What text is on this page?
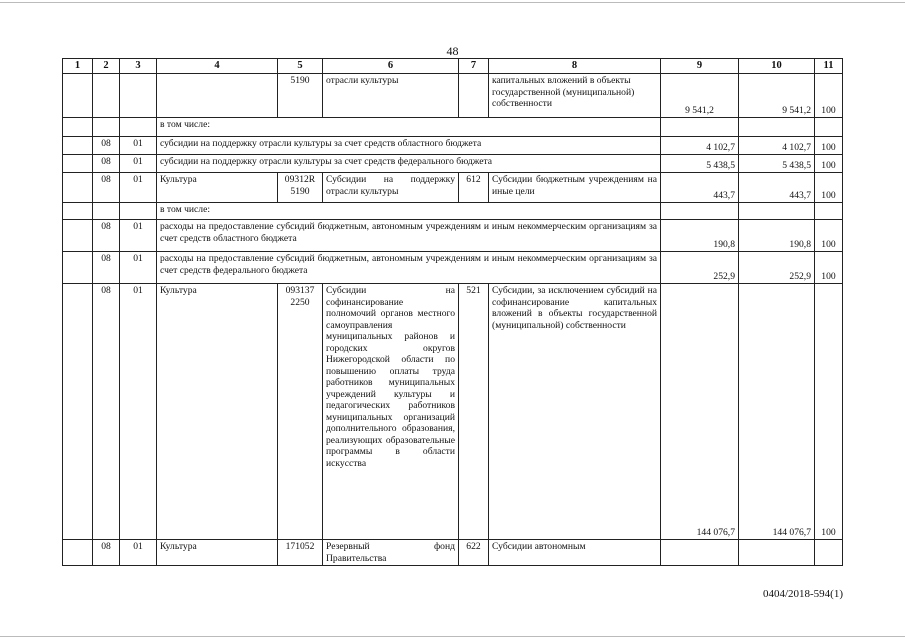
48
1	2	3	4	5	6	7	8	9	10	11
				5190	отрасли культуры		капитальных вложений в объекты государственной (муниципальной) собственности	9 541,2	9 541,2	100
			в том числе:							
	08	01	субсидии на поддержку отрасли культуры за счет средств областного бюджета					4 102,7	4 102,7	100
	08	01	субсидии на поддержку отрасли культуры за счет средств федерального бюджета					5 438,5	5 438,5	100
	08	01	Культура	09312R 5190	Субсидии на поддержку отрасли культуры	612	Субсидии бюджетным учреждениям на иные цели	443,7	443,7	100
			в том числе:							
	08	01	расходы на предоставление субсидий бюджетным, автономным учреждениям и иным некоммерческим организациям за счет средств областного бюджета					190,8	190,8	100
	08	01	расходы на предоставление субсидий бюджетным, автономным учреждениям и иным некоммерческим организациям за счет средств федерального бюджета					252,9	252,9	100
	08	01	Культура	093137 2250	Субсидии на софинансирование полномочий органов местного самоуправления муниципальных районов и городских округов Нижегородской области по повышению оплаты труда работников муниципальных учреждений культуры и педагогических работников муниципальных организаций дополнительного образования, реализующих образовательные программы в области искусства	521	Субсидии, за исключением субсидий на софинансирование капитальных вложений в объекты государственной (муниципальной) собственности	144 076,7	144 076,7	100
	08	01	Культура	171052	Резервный фонд Правительства	622	Субсидии автономным			
0404/2018-594(1)
